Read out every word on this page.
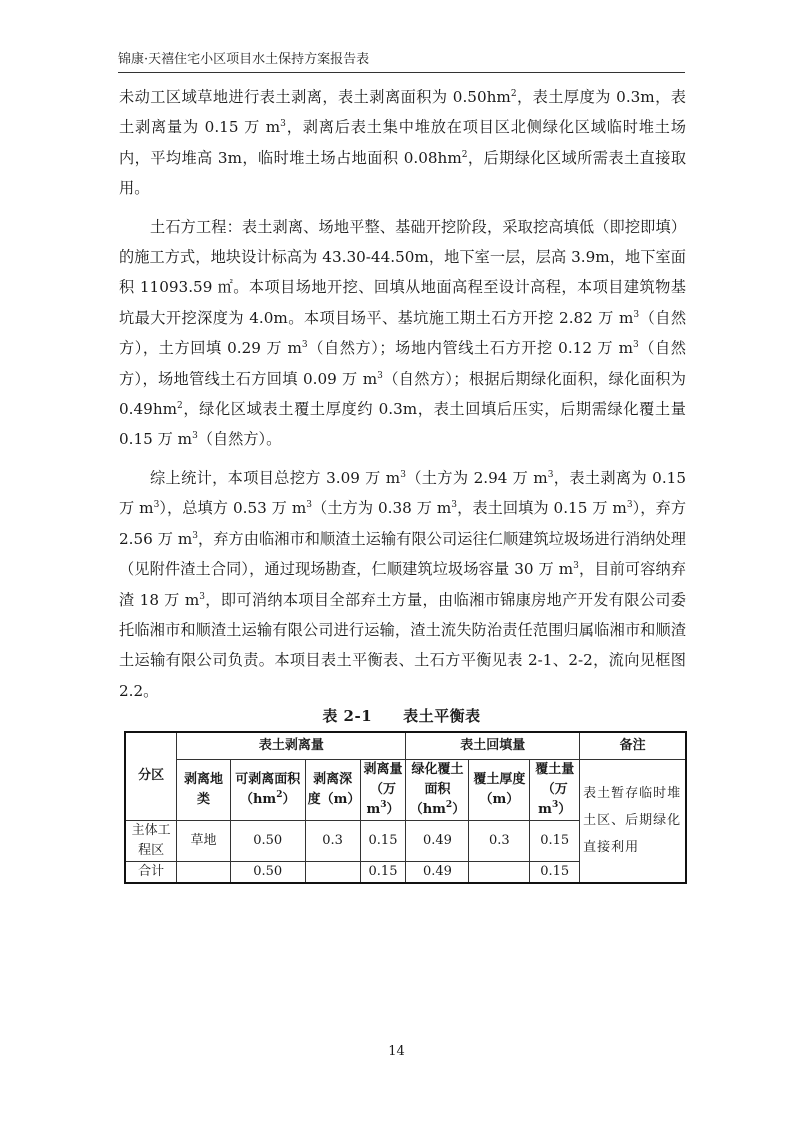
锦康·天禧住宅小区项目水土保持方案报告表

未动工区域草地进行表土剥离，表土剥离面积为 $0.50hm^2$，表土厚度为 0.3m，表土剥离量为 0.15 万 $m^3$，剥离后表土集中堆放在项目区北侧绿化区域临时堆土场内，平均堆高 3m，临时堆土场占地面积 $0.08hm^2$，后期绿化区域所需表土直接取用。

土石方工程：表土剥离、场地平整、基础开挖阶段，采取挖高填低（即挖即填）的施工方式，地块设计标高为 43.30-44.50m，地下室一层，层高 3.9m，地下室面积 11093.59 ㎡。本项目场地开挖、回填从地面高程至设计高程，本项目建筑物基坑最大开挖深度为 4.0m。本项目场平、基坑施工期土石方开挖 2.82 万 $m^3$（自然方），土方回填 0.29 万 $m^3$（自然方）；场地内管线土石方开挖 0.12 万 $m^3$（自然方），场地管线土石方回填 0.09 万 $m^3$（自然方）；根据后期绿化面积，绿化面积为 $0.49hm^2$，绿化区域表土覆土厚度约 0.3m，表土回填后压实，后期需绿化覆土量 0.15 万 $m^3$（自然方）。

综上统计，本项目总挖方 3.09 万 $m^3$（土方为 2.94 万 $m^3$，表土剥离为 0.15 万 $m^3$），总填方 0.53 万 $m^3$（土方为 0.38 万 $m^3$，表土回填为 0.15 万 $m^3$），弃方 2.56 万 $m^3$，弃方由临湘市和顺渣土运输有限公司运往仁顺建筑垃圾场进行消纳处理（见附件渣土合同），通过现场勘查，仁顺建筑垃圾场容量 30 万 $m^3$，目前可容纳弃渣 18 万 $m^3$，即可消纳本项目全部弃土方量，由临湘市锦康房地产开发有限公司委托临湘市和顺渣土运输有限公司进行运输，渣土流失防治责任范围归属临湘市和顺渣土运输有限公司负责。本项目表土平衡表、土石方平衡见表 2-1、2-2，流向见框图 2.2。

表 2-1　　表土平衡表
分区	表土剥离量				表土回填量			备注
	剥离地类	可剥离面积$(hm^2)$	剥离深度（m）	剥离量（万 $m^3$）	绿化覆土面积$(hm^2)$	覆土厚度（m）	覆土量（万 $m^3$）	表土暂存临时堆土区、后期绿化直接利用
主体工程区	草地	0.50	0.3	0.15	0.49	0.3	0.15	
合计		0.50		0.15	0.49		0.15	
14
